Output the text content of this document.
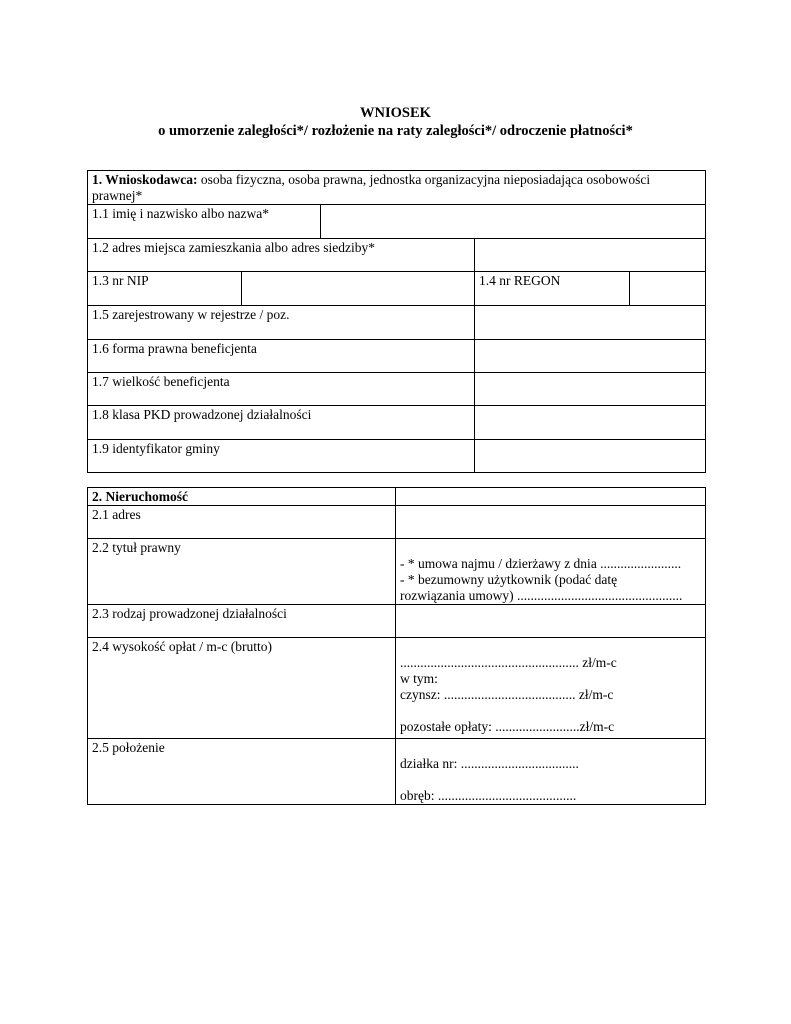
WNIOSEK
o umorzenie zaległości*/ rozłożenie na raty zaległości*/ odroczenie płatności*
1. Wnioskodawca: osoba fizyczna, osoba prawna, jednostka organizacyjna nieposiadająca osobowości prawnej*
1.1 imię i nazwisko albo nazwa*	
1.2 adres miejsca zamieszkania albo adres siedziby*	
1.3 nr NIP			1.4 nr REGON	

1.5 zarejestrowany w rejestrze / poz.	
1.6 forma prawna beneficjenta	
1.7 wielkość beneficjenta	
1.8 klasa PKD prowadzonej działalności	
1.9 identyfikator gminy	
2. Nieruchomość	
2.1 adres	
2.2 tytuł prawny	- * umowa najmu / dzierżawy z dnia ........................
- * bezumowny użytkownik (podać datę
rozwiązania umowy) .................................................

2.3 rodzaj prowadzonej działalności	
2.4 wysokość opłat / m-c (brutto)	..................................................... zł/m-c
w tym:
czynsz: ....................................... zł/m-c
pozostałe opłaty: .........................zł/m-c

2.5 położenie	działka nr: ...................................
obręb: .........................................
